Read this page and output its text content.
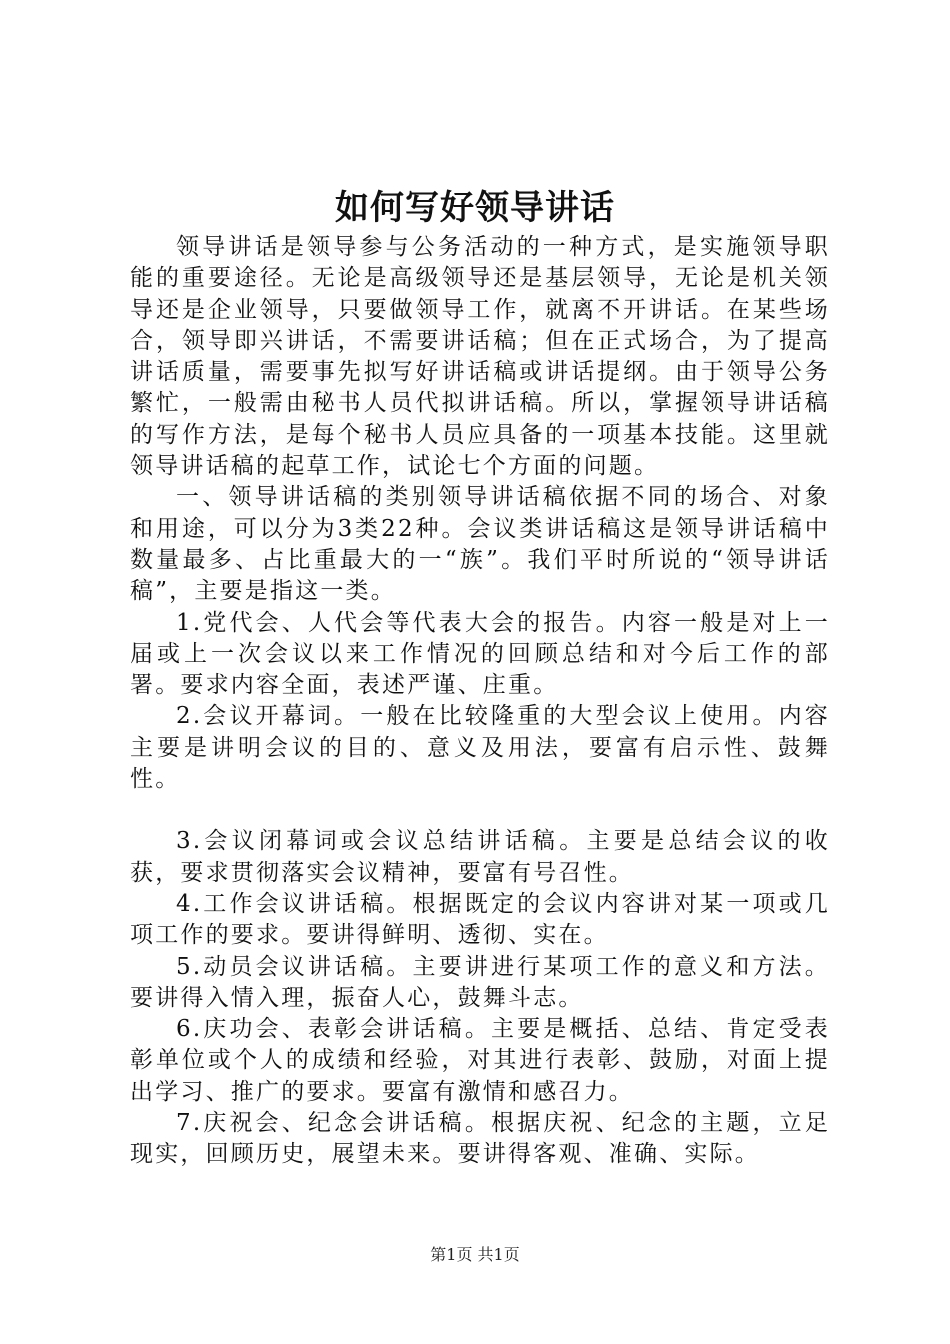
如何写好领导讲话

领导讲话是领导参与公务活动的一种方式，是实施领导职能的重要途径。无论是高级领导还是基层领导，无论是机关领导还是企业领导，只要做领导工作，就离不开讲话。在某些场合，领导即兴讲话，不需要讲话稿；但在正式场合，为了提高讲话质量，需要事先拟写好讲话稿或讲话提纲。由于领导公务繁忙，一般需由秘书人员代拟讲话稿。所以，掌握领导讲话稿的写作方法，是每个秘书人员应具备的一项基本技能。这里就领导讲话稿的起草工作，试论七个方面的问题。

一、领导讲话稿的类别领导讲话稿依据不同的场合、对象和用途，可以分为3类22种。会议类讲话稿这是领导讲话稿中数量最多、占比重最大的一“族”。我们平时所说的“领导讲话稿”，主要是指这一类。

1.党代会、人代会等代表大会的报告。内容一般是对上一届或上一次会议以来工作情况的回顾总结和对今后工作的部署。要求内容全面，表述严谨、庄重。

2.会议开幕词。一般在比较隆重的大型会议上使用。内容主要是讲明会议的目的、意义及用法，要富有启示性、鼓舞性。

3.会议闭幕词或会议总结讲话稿。主要是总结会议的收获，要求贯彻落实会议精神，要富有号召性。

4.工作会议讲话稿。根据既定的会议内容讲对某一项或几项工作的要求。要讲得鲜明、透彻、实在。

5.动员会议讲话稿。主要讲进行某项工作的意义和方法。要讲得入情入理，振奋人心，鼓舞斗志。

6.庆功会、表彰会讲话稿。主要是概括、总结、肯定受表彰单位或个人的成绩和经验，对其进行表彰、鼓励，对面上提出学习、推广的要求。要富有激情和感召力。

7.庆祝会、纪念会讲话稿。根据庆祝、纪念的主题，立足现实，回顾历史，展望未来。要讲得客观、准确、实际。

第1页 共1页
